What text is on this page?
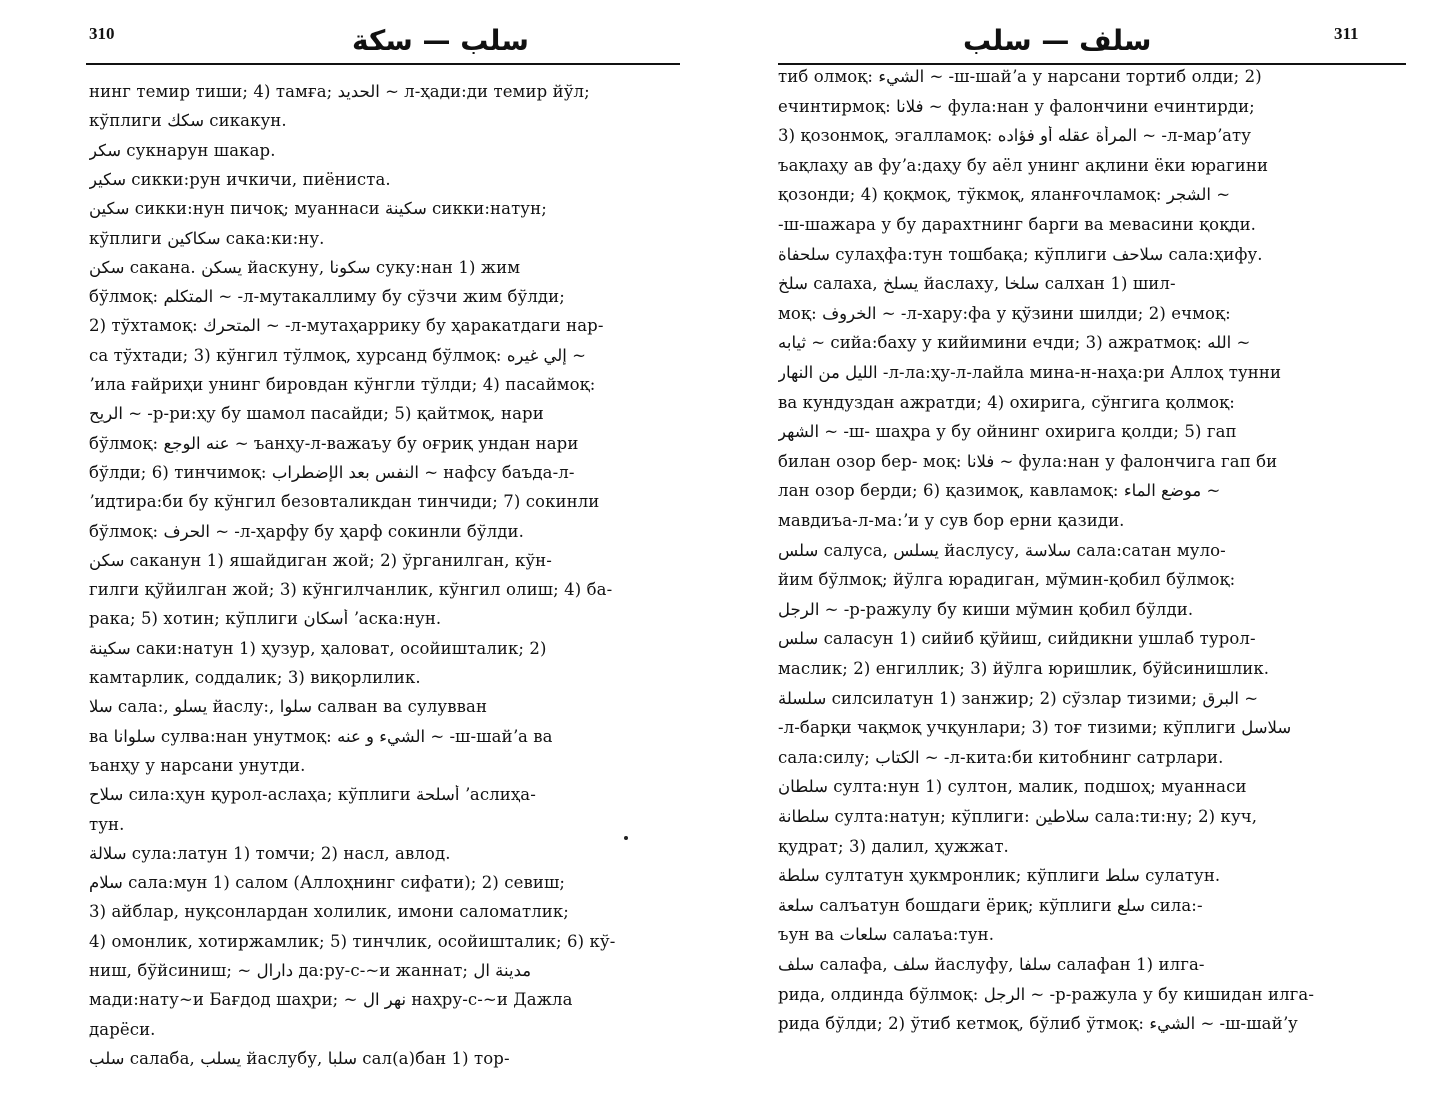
310	سلب — سكة
нинг темир тиши; 4) тамға; الحديد ~ л-ҳади:ди темир йўл;
кўплиги سكك сикакун.
سكر сукнарун шакар.
سكير сикки:рун ичкичи, пиёниста.
سكين сикки:нун пичоқ; муаннаси سكينة сикки:натун;
кўплиги سكاكين сака:ки:ну.
سكن сакана. يسكن йаскуну, سكونا суку:нан 1) жим
бўлмоқ: المتكلم ~ -л-мутакаллиму бу сўзчи жим бўлди;
2) тўхтамоқ: المتحرك ~ -л-мутаҳаррику бу ҳаракатдаги нар-
са тўхтади; 3) кўнгил тўлмоқ, хурсанд бўлмоқ: إلي غيره ~
ʼила ғайриҳи унинг бировдан кўнгли тўлди; 4) пасаймоқ:
الريح ~ -р-ри:ҳу бу шамол пасайди; 5) қайтмоқ, нари
бўлмоқ: عنه الوجع ~ ъанҳу-л-важаъу бу оғриқ ундан нари
бўлди; 6) тинчимоқ: النفس بعد الإضطراب ~ нафсу баъда-л-
ʼидтира:би бу кўнгил безовталикдан тинчиди; 7) сокинли
бўлмоқ: الحرف ~ -л-ҳарфу бу ҳарф сокинли бўлди.
سكن саканун 1) яшайдиган жой; 2) ўрганилган, кўн-
гилги қўйилган жой; 3) кўнгилчанлик, кўнгил олиш; 4) ба-
рака; 5) хотин; кўплиги أسكان ʼаска:нун.
سكينة саки:натун 1) ҳузур, ҳаловат, осойишталик; 2)
камтарлик, соддалик; 3) виқорлилик.
سلا сала:, يسلو йаслу:, سلوا салван ва сулувван
ва سلوانا сулва:нан унутмоқ: الشيء و عنه ~ -ш-шайʼа ва
ъанҳу у нарсани унутди.
سلاح сила:ҳун қурол-аслаҳа; кўплиги أسلحة ʼаслиҳа-
тун.
سلالة сула:латун 1) томчи; 2) насл, авлод.
سلام сала:мун 1) салом (Аллоҳнинг сифати); 2) севиш;
3) айблар, нуқсонлардан холилик, имони саломатлик;
4) омонлик, хотиржамлик; 5) тинчлик, осойишталик; 6) кў-
ниш, бўйсиниш; ~ دارال да:ру-с-~и жаннат; مدينة ال
мади:нату~и Бағдод шаҳри; ~ نهر ال наҳру-с-~и Дажла
дарёси.
سلب салаба, يسلب йаслубу, سلبا сал(а)бан 1) тор-
311
سلف — سلب
тиб олмоқ: الشيء ~ -ш-шайʼа у нарсани тортиб олди; 2)
ечинтирмоқ: فلانا ~ фула:нан у фалончини ечинтирди;
3) қозонмоқ, эгалламоқ: المرأة عقله أو فؤاده ~ -л-марʼату
ъақлаҳу ав фуʼа:даҳу бу аёл унинг ақлини ёки юрагини
қозонди; 4) қоқмоқ, тўкмоқ, яланғочламоқ: الشجر ~
-ш-шажара у бу дарахтнинг барги ва мевасини қоқди.
سلحفاة сулаҳфа:тун тошбақа; кўплиги سلاحف сала:ҳифу.
سلخ салаха, يسلخ йаслаху, سلخا салхан 1) шил-
моқ: الخروف ~ -л-хару:фа у қўзини шилди; 2) ечмоқ:
ثيابه ~ сийа:баху у кийимини ечди; 3) ажратмоқ: الله ~
الليل من النهار -л-ла:ҳу-л-лайла мина-н-наҳа:ри Аллоҳ тунни
ва кундуздан ажратди; 4) охирига, сўнгига қолмоқ:
الشهر ~ -ш- шаҳра у бу ойнинг охирига қолди; 5) гап
билан озор бер- моқ: فلانا ~ фула:нан у фалончига гап би
лан озор берди; 6) қазимоқ, кавламоқ: موضع الماء ~
мавдиъа-л-ма:ʼи у сув бор ерни қазиди.
سلس салуса, يسلس йаслусу, سلاسة сала:сатан муло-
йим бўлмоқ; йўлга юрадиган, мўмин-қобил бўлмоқ:
الرجل ~ -р-ражулу бу киши мўмин қобил бўлди.
سلس саласун 1) сийиб қўйиш, сийдикни ушлаб турол-
маслик; 2) енгиллик; 3) йўлга юришлик, бўйсинишлик.
سلسلة силсилатун 1) занжир; 2) сўзлар тизими; البرق ~
-л-барқи чақмоқ учқунлари; 3) тоғ тизими; кўплиги سلاسل
сала:силу; الكتاب ~ -л-кита:би китобнинг сатрлари.
سلطان султа:нун 1) султон, малик, подшоҳ; муаннаси
سلطانة султа:натун; кўплиги: سلاطين сала:ти:ну; 2) куч,
қудрат; 3) далил, ҳужжат.
سلطة султатун ҳукмронлик; кўплиги سلط сулатун.
سلعة салъатун бошдаги ёриқ; кўплиги سلع сила:-
ъун ва سلعات салаъа:тун.
سلف салафа, سلف йаслуфу, سلفا салафан 1) илга-
рида, олдинда бўлмоқ: الرجل ~ -р-ражула у бу кишидан илга-
рида бўлди; 2) ўтиб кетмоқ, бўлиб ўтмоқ: الشيء ~ -ш-шайʼу
